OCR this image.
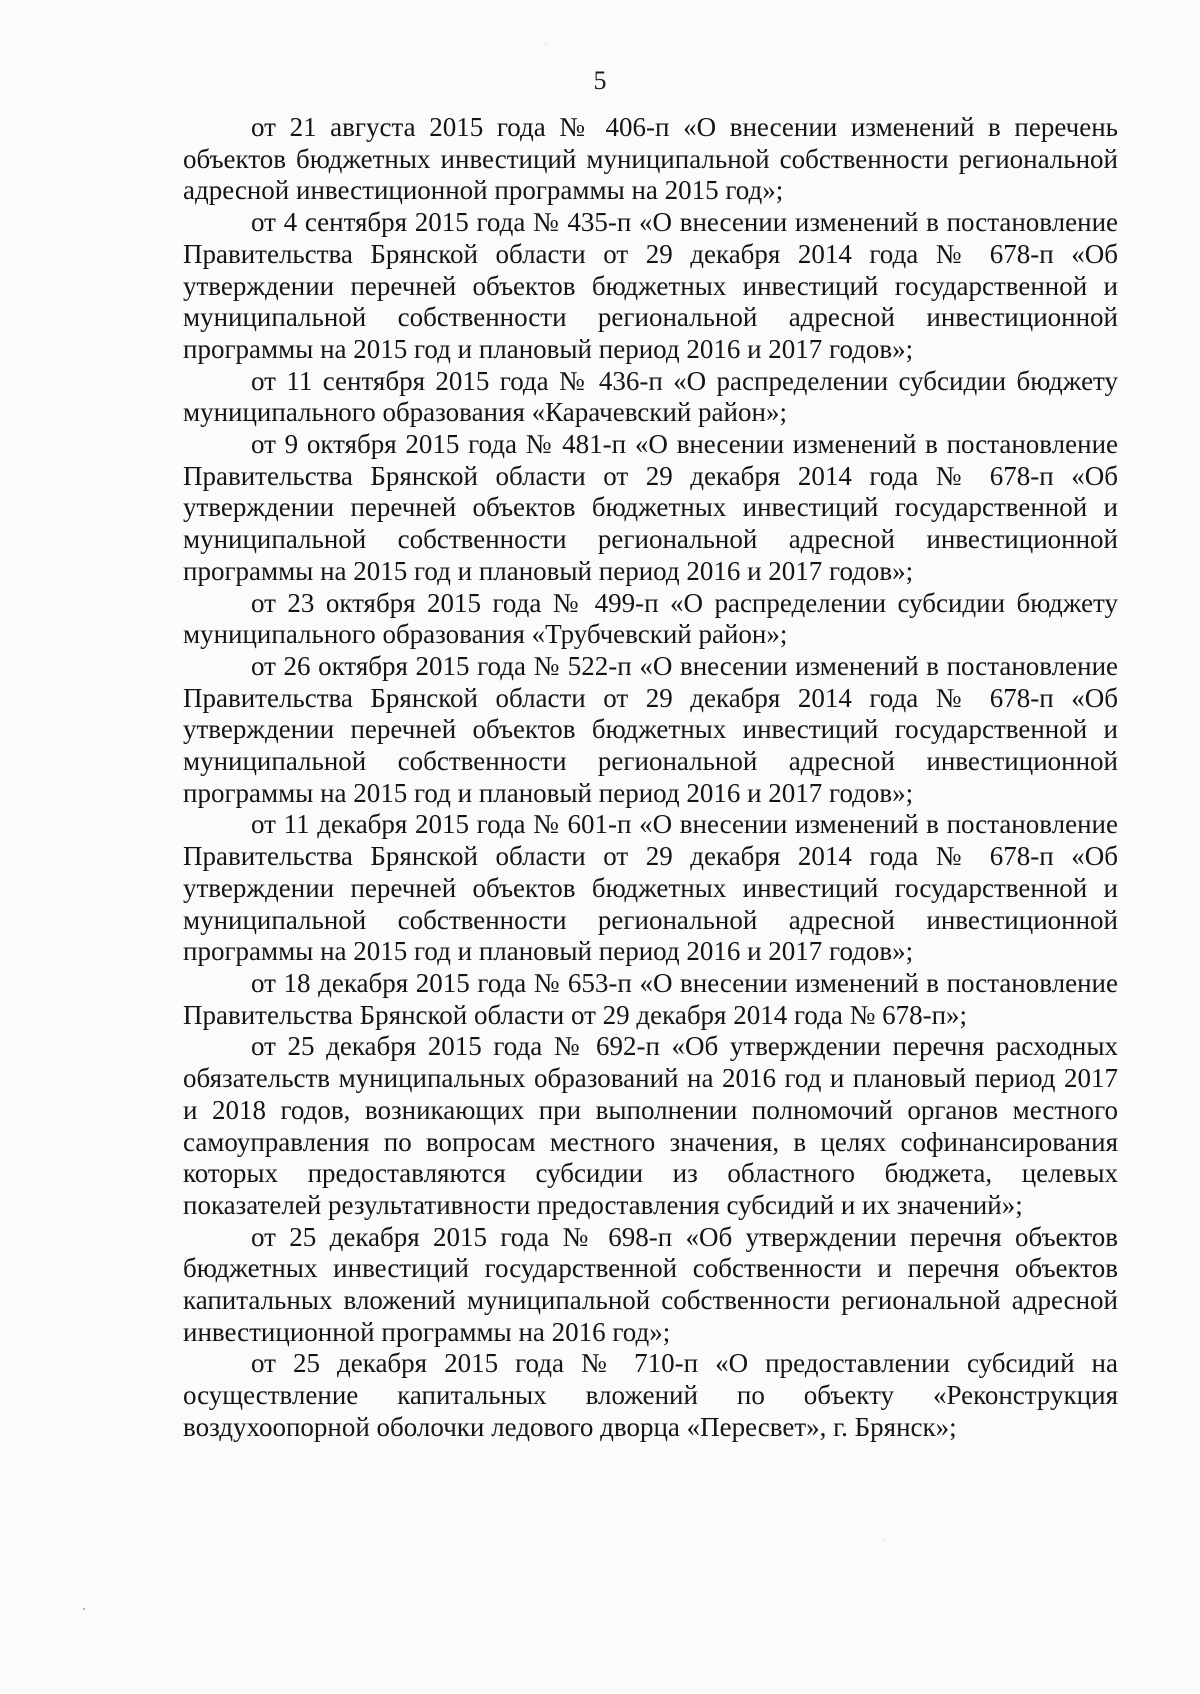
5

от 21 августа 2015 года № 406-п «О внесении изменений в перечень объектов бюджетных инвестиций муниципальной собственности региональной адресной инвестиционной программы на 2015 год»;

от 4 сентября 2015 года № 435-п «О внесении изменений в постановление Правительства Брянской области от 29 декабря 2014 года № 678-п «Об утверждении перечней объектов бюджетных инвестиций государственной и муниципальной собственности региональной адресной инвестиционной программы на 2015 год и плановый период 2016 и 2017 годов»;

от 11 сентября 2015 года № 436-п «О распределении субсидии бюджету муниципального образования «Карачевский район»;

от 9 октября 2015 года № 481-п «О внесении изменений в постановление Правительства Брянской области от 29 декабря 2014 года № 678-п «Об утверждении перечней объектов бюджетных инвестиций государственной и муниципальной собственности региональной адресной инвестиционной программы на 2015 год и плановый период 2016 и 2017 годов»;

от 23 октября 2015 года № 499-п «О распределении субсидии бюджету муниципального образования «Трубчевский район»;

от 26 октября 2015 года № 522-п «О внесении изменений в постановление Правительства Брянской области от 29 декабря 2014 года № 678-п «Об утверждении перечней объектов бюджетных инвестиций государственной и муниципальной собственности региональной адресной инвестиционной программы на 2015 год и плановый период 2016 и 2017 годов»;

от 11 декабря 2015 года № 601-п «О внесении изменений в постановление Правительства Брянской области от 29 декабря 2014 года № 678-п «Об утверждении перечней объектов бюджетных инвестиций государственной и муниципальной собственности региональной адресной инвестиционной программы на 2015 год и плановый период 2016 и 2017 годов»;

от 18 декабря 2015 года № 653-п «О внесении изменений в постановление Правительства Брянской области от 29 декабря 2014 года № 678-п»;

от 25 декабря 2015 года № 692-п «Об утверждении перечня расходных обязательств муниципальных образований на 2016 год и плановый период 2017 и 2018 годов, возникающих при выполнении полномочий органов местного самоуправления по вопросам местного значения, в целях софинансирования которых предоставляются субсидии из областного бюджета, целевых показателей результативности предоставления субсидий и их значений»;

от 25 декабря 2015 года № 698-п «Об утверждении перечня объектов бюджетных инвестиций государственной собственности и перечня объектов капитальных вложений муниципальной собственности региональной адресной инвестиционной программы на 2016 год»;

от 25 декабря 2015 года № 710-п «О предоставлении субсидий на осуществление капитальных вложений по объекту «Реконструкция воздухоопорной оболочки ледового дворца «Пересвет», г. Брянск»;
